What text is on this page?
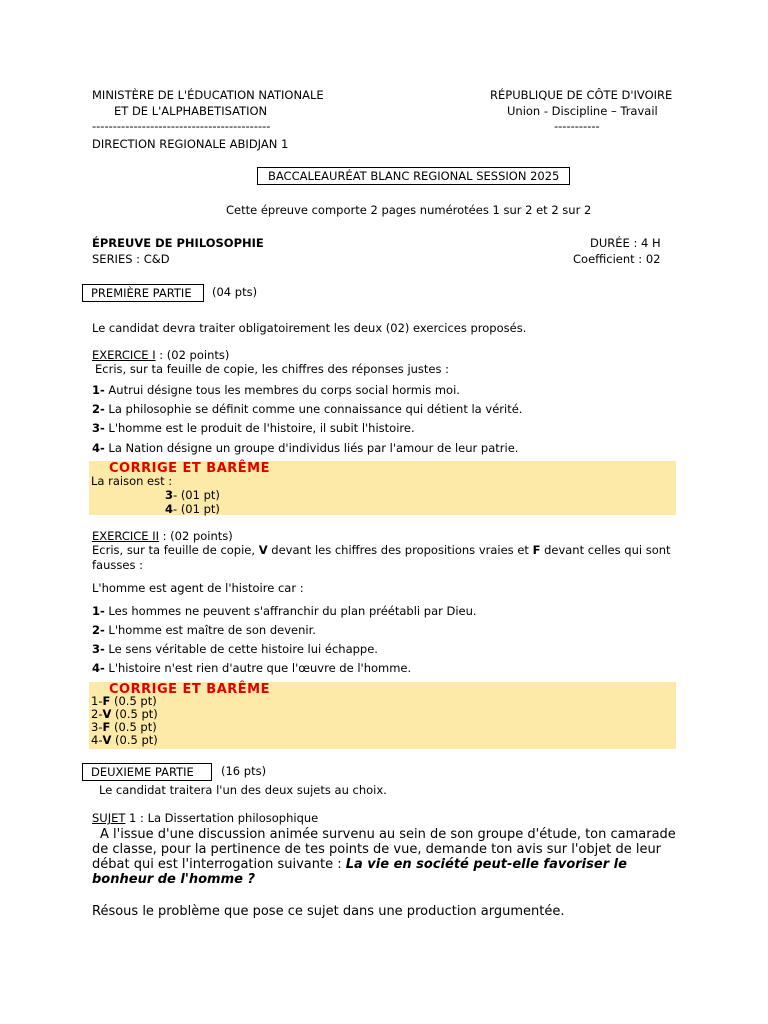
MINISTÈRE DE L'ÉDUCATION NATIONALE
ET DE L'ALPHABETISATION
-------------------------------------------
DIRECTION REGIONALE ABIDJAN 1
RÉPUBLIQUE DE CÔTE D'IVOIRE
Union - Discipline – Travail
-----------
BACCALEAURÉAT BLANC REGIONAL SESSION 2025
Cette épreuve comporte 2 pages numérotées 1 sur 2 et 2 sur 2
ÉPREUVE DE PHILOSOPHIE
SERIES : C&D
DURÉE : 4 H
Coefficient : 02
PREMIÈRE PARTIE	(04 pts)
Le candidat devra traiter obligatoirement les deux (02) exercices proposés.
EXERCICE I : (02 points)
Ecris, sur ta feuille de copie, les chiffres des réponses justes :
1- Autrui désigne tous les membres du corps social hormis moi.
2- La philosophie se définit comme une connaissance qui détient la vérité.
3- L'homme est le produit de l'histoire, il subit l'histoire.
4- La Nation désigne un groupe d'individus liés par l'amour de leur patrie.
CORRIGE ET BARÊME
La raison est :
3- (01 pt)
4- (01 pt)
EXERCICE II : (02 points)
Ecris, sur ta feuille de copie, V devant les chiffres des propositions vraies et F devant celles qui sont fausses :
L'homme est agent de l'histoire car :
1- Les hommes ne peuvent s'affranchir du plan préétabli par Dieu.
2- L'homme est maître de son devenir.
3- Le sens véritable de cette histoire lui échappe.
4- L'histoire n'est rien d'autre que l'œuvre de l'homme.
CORRIGE ET BARÊME
1-F (0.5 pt)
2-V (0.5 pt)
3-F (0.5 pt)
4-V (0.5 pt)
DEUXIEME PARTIE	(16 pts)
Le candidat traitera l'un des deux sujets au choix.
SUJET 1 : La Dissertation philosophique
A l'issue d'une discussion animée survenu au sein de son groupe d'étude, ton camarade de classe, pour la pertinence de tes points de vue, demande ton avis sur l'objet de leur débat qui est l'interrogation suivante : La vie en société peut-elle favoriser le bonheur de l'homme ?
Résous le problème que pose ce sujet dans une production argumentée.
